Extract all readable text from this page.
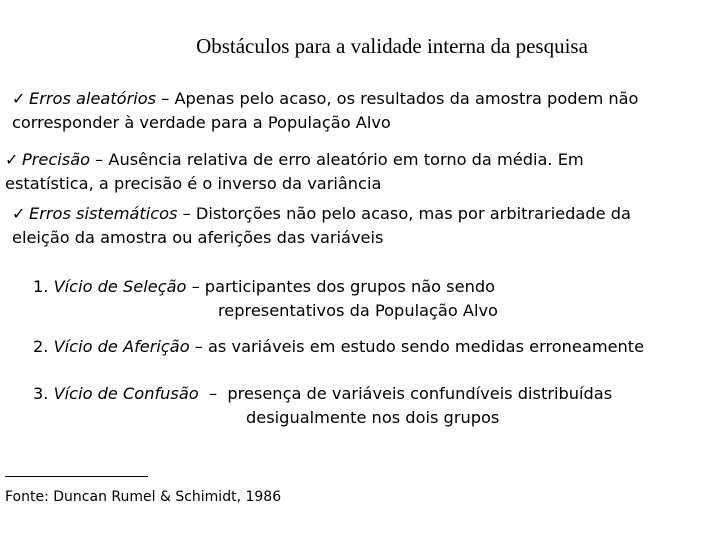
Obstáculos para a validade interna da pesquisa
✓ Erros aleatórios – Apenas pelo acaso, os resultados da amostra podem não
corresponder à verdade para a População Alvo
✓ Precisão – Ausência relativa de erro aleatório em torno da média. Em
estatística, a precisão é o inverso da variância
✓ Erros sistemáticos – Distorções não pelo acaso, mas por arbitrariedade da
eleição da amostra ou aferições das variáveis
1. Vício de Seleção – participantes dos grupos não sendo
representativos da População Alvo
2. Vício de Aferição – as variáveis em estudo sendo medidas erroneamente
3. Vício de Confusão  –  presença de variáveis confundíveis distribuídas
desigualmente nos dois grupos
Fonte: Duncan Rumel & Schimidt, 1986
